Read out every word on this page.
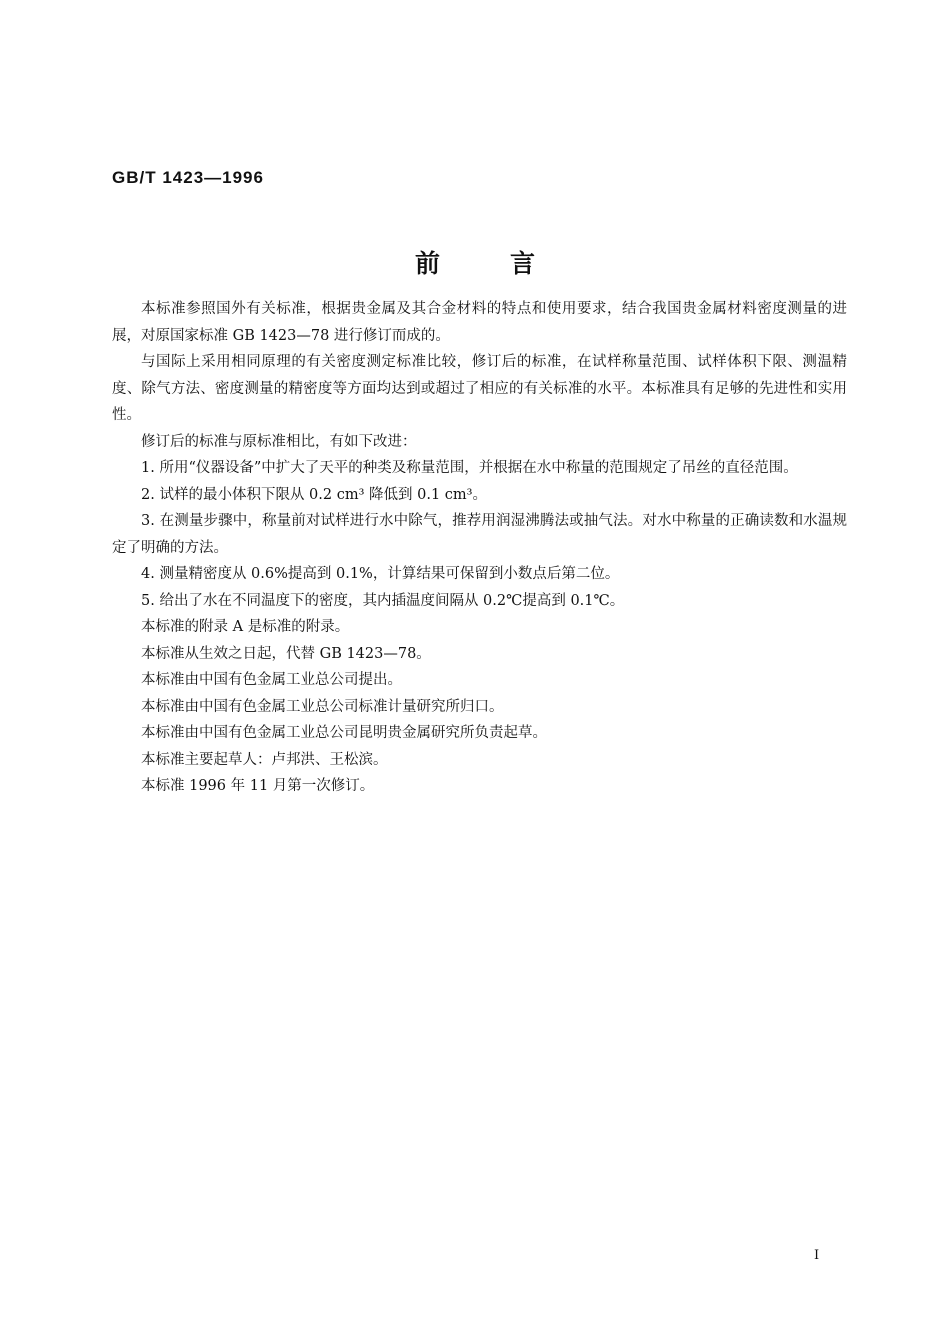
GB/T 1423—1996
前言

本标准参照国外有关标准，根据贵金属及其合金材料的特点和使用要求，结合我国贵金属材料密度测量的进展，对原国家标准 GB 1423—78 进行修订而成的。

与国际上采用相同原理的有关密度测定标准比较，修订后的标准，在试样称量范围、试样体积下限、测温精度、除气方法、密度测量的精密度等方面均达到或超过了相应的有关标准的水平。本标准具有足够的先进性和实用性。

修订后的标准与原标准相比，有如下改进：

1. 所用“仪器设备”中扩大了天平的种类及称量范围，并根据在水中称量的范围规定了吊丝的直径范围。

2. 试样的最小体积下限从 0.2 cm³ 降低到 0.1 cm³。

3. 在测量步骤中，称量前对试样进行水中除气，推荐用润湿沸腾法或抽气法。对水中称量的正确读数和水温规定了明确的方法。

4. 测量精密度从 0.6%提高到 0.1%，计算结果可保留到小数点后第二位。

5. 给出了水在不同温度下的密度，其内插温度间隔从 0.2℃提高到 0.1℃。

本标准的附录 A 是标准的附录。

本标准从生效之日起，代替 GB 1423—78。

本标准由中国有色金属工业总公司提出。

本标准由中国有色金属工业总公司标准计量研究所归口。

本标准由中国有色金属工业总公司昆明贵金属研究所负责起草。

本标准主要起草人：卢邦洪、王松滨。

本标准 1996 年 11 月第一次修订。

I
